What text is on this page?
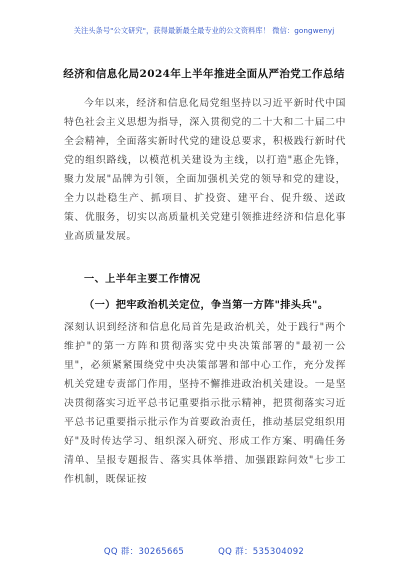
关注头条号"公文研究"，获得最新最全最专业的公文资料库！ 微信：gongwenyj
经济和信息化局2024年上半年推进全面从严治党工作总结
今年以来，经济和信息化局党组坚持以习近平新时代中国特色社会主义思想为指导，深入贯彻党的二十大和二十届二中全会精神，全面落实新时代党的建设总要求，积极践行新时代党的组织路线，以模范机关建设为主线，以打造"惠企先锋，聚力发展"品牌为引领，全面加强机关党的领导和党的建设，全力以赴稳生产、抓项目、扩投资、建平台、促升级、送政策、优服务，切实以高质量机关党建引领推进经济和信息化事业高质量发展。
一、上半年主要工作情况
（一）把牢政治机关定位，争当第一方阵"排头兵"。
深刻认识到经济和信息化局首先是政治机关，处于践行"两个维护"的第一方阵和贯彻落实党中央决策部署的"最初一公里"，必须紧紧围绕党中央决策部署和部中心工作，充分发挥机关党建专责部门作用，坚持不懈推进政治机关建设。一是坚决贯彻落实习近平总书记重要指示批示精神，把贯彻落实习近平总书记重要指示批示作为首要政治责任，推动基层党组织用好"及时传达学习、组织深入研究、形成工作方案、明确任务清单、呈报专题报告、落实具体举措、加强跟踪问效"七步工作机制，既保证按
QQ 群：30265665	QQ 群：535304092
